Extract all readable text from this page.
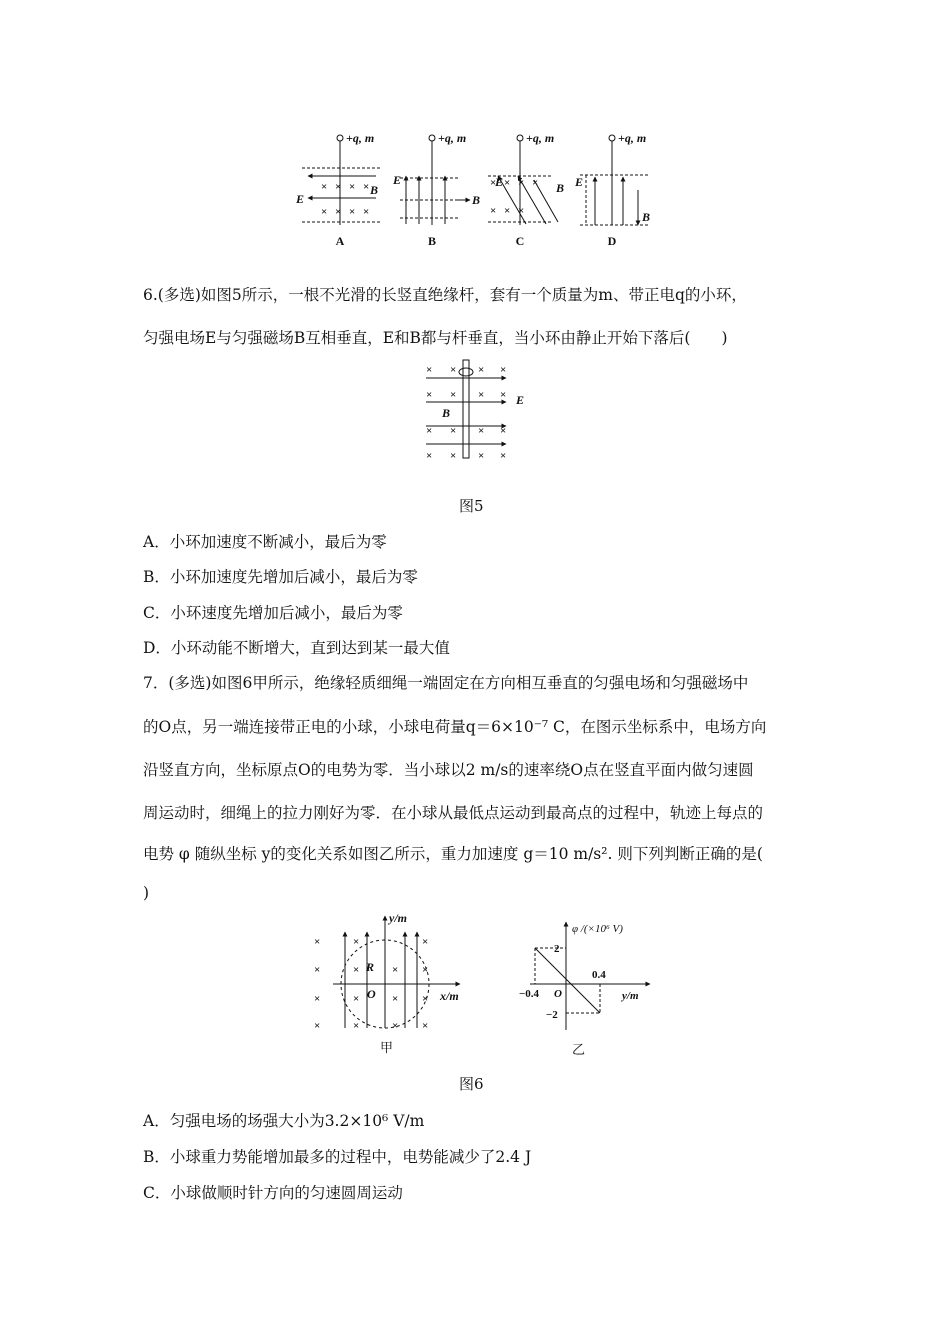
× × × ×
× × × ×
× × × ×
× × ×
+q, m	+q, m	+q, m	+q, m
E
B
E
B
E	B E
B
A	B	C	D
6.(多选)如图5所示，一根不光滑的长竖直绝缘杆，套有一个质量为m、带正电q的小环，
匀强电场E与匀强磁场B互相垂直，E和B都与杆垂直，当小环由静止开始下落后(　　)
× × × ×
× × × ×
× × × ×
× × × ×
B
E
图5
A．小环加速度不断减小，最后为零
B．小环加速度先增加后减小，最后为零
C．小环速度先增加后减小，最后为零
D．小环动能不断增大，直到达到某一最大值
7．(多选)如图6甲所示，绝缘轻质细绳一端固定在方向相互垂直的匀强电场和匀强磁场中
的O点，另一端连接带正电的小球，小球电荷量q＝6×10⁻⁷ C，在图示坐标系中，电场方向
沿竖直方向，坐标原点O的电势为零．当小球以2 m/s的速率绕O点在竖直平面内做匀速圆
周运动时，细绳上的拉力刚好为零．在小球从最低点运动到最高点的过程中，轨迹上每点的
电势 φ 随纵坐标 y的变化关系如图乙所示，重力加速度 g＝10 m/s². 则下列判断正确的是(
)
×	×	×
×	×	× ×
×	×	× ×
×	×	× ×
y/m
x/m
R
O
甲
φ /(×10⁶ V)
y/m
O
2
−2
0.4
−0.4
乙
图6
A．匀强电场的场强大小为3.2×10⁶ V/m
B．小球重力势能增加最多的过程中，电势能减少了2.4 J
C．小球做顺时针方向的匀速圆周运动
